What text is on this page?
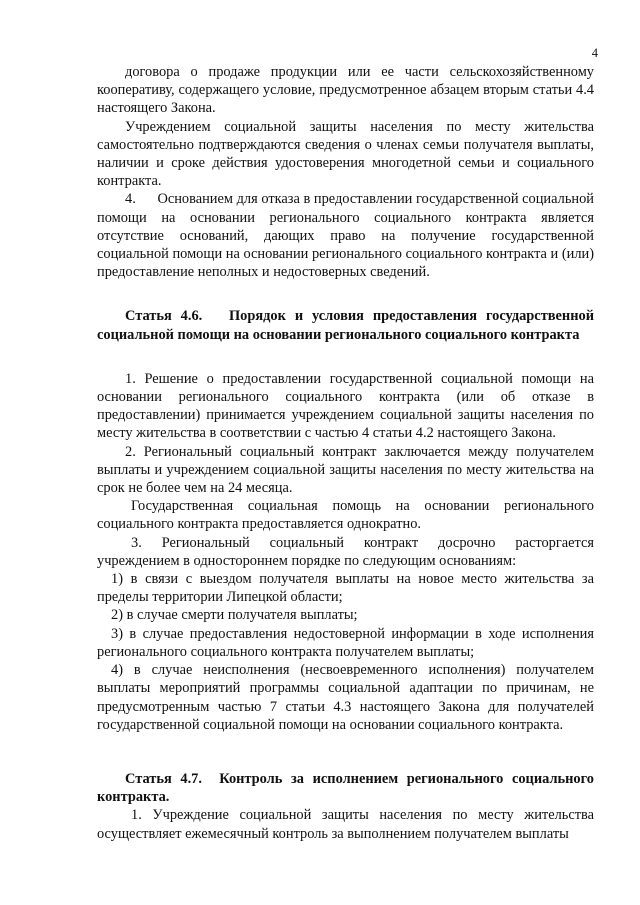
4

договора о продаже продукции или ее части сельскохозяйственному кооперативу, содержащего условие, предусмотренное абзацем вторым статьи 4.4 настоящего Закона.

Учреждением социальной защиты населения по месту жительства самостоятельно подтверждаются сведения о членах семьи получателя выплаты, наличии и сроке действия удостоверения многодетной семьи и социального контракта.

4.      Основанием для отказа в предоставлении государственной социальной помощи на основании регионального социального контракта является отсутствие оснований, дающих право на получение государственной социальной помощи на основании регионального социального контракта и (или) предоставление неполных и недостоверных сведений.

Статья 4.6.   Порядок и условия предоставления государственной социальной помощи на основании регионального социального контракта

1. Решение о предоставлении государственной социальной помощи на основании регионального социального контракта (или об отказе в предоставлении) принимается учреждением социальной защиты населения по месту жительства в соответствии с частью 4 статьи 4.2 настоящего Закона.

2. Региональный социальный контракт заключается между получателем выплаты и учреждением социальной защиты населения по месту жительства на срок не более чем на 24 месяца.

Государственная социальная помощь на основании регионального социального контракта предоставляется однократно.

3. Региональный социальный контракт досрочно расторгается учреждением в одностороннем порядке по следующим основаниям:

1) в связи с выездом получателя выплаты на новое место жительства за пределы территории Липецкой области;

2) в случае смерти получателя выплаты;

3) в случае предоставления недостоверной информации в ходе исполнения регионального социального контракта получателем выплаты;

4) в случае неисполнения (несвоевременного исполнения) получателем выплаты мероприятий программы социальной адаптации по причинам, не предусмотренным частью 7 статьи 4.3 настоящего Закона для получателей государственной социальной помощи на основании социального контракта.

Статья 4.7.  Контроль за исполнением регионального социального контракта.

1. Учреждение социальной защиты населения по месту жительства осуществляет ежемесячный контроль за выполнением получателем выплаты
